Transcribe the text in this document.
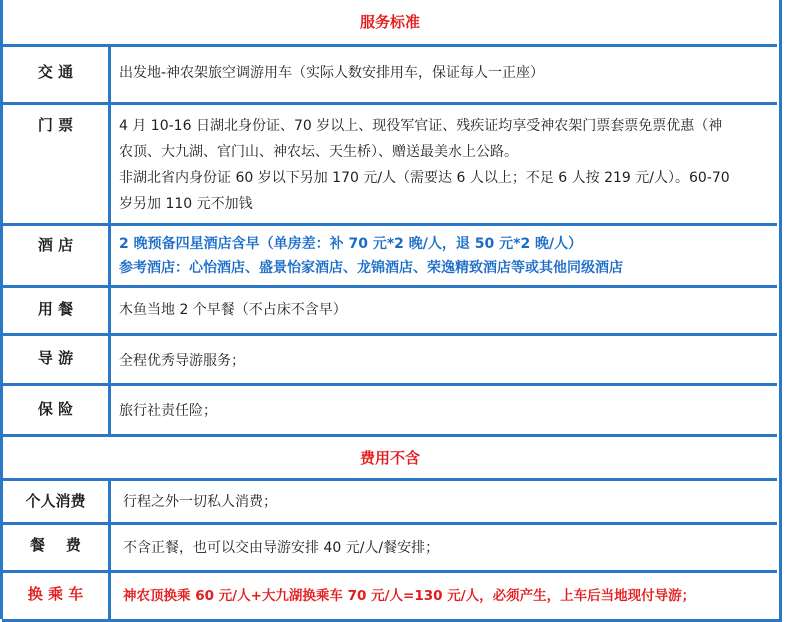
服务标准
交 通	出发地-神农架旅空调游用车（实际人数安排用车，保证每人一正座）
门 票	4 月 10-16 日湖北身份证、70 岁以上、现役军官证、残疾证均享受神农架门票套票免票优惠（神
农顶、大九湖、官门山、神农坛、天生桥）、赠送最美水上公路。
非湖北省内身份证 60 岁以下另加 170 元/人（需要达 6 人以上；不足 6 人按 219 元/人）。60-70
岁另加 110 元不加钱
酒 店	2 晚预备四星酒店含早（单房差：补 70 元*2 晚/人，退 50 元*2 晚/人）
参考酒店：心怡酒店、盛景怡家酒店、龙锦酒店、荣逸精致酒店等或其他同级酒店
用 餐	木鱼当地 2 个早餐（不占床不含早）
导 游	全程优秀导游服务；
保 险	旅行社责任险；
费用不含
个人消费	行程之外一切私人消费；
餐    费	不含正餐，也可以交由导游安排 40 元/人/餐安排；
换 乘 车	神农顶换乘 60 元/人+大九湖换乘车 70 元/人=130 元/人，必须产生，上车后当地现付导游；
